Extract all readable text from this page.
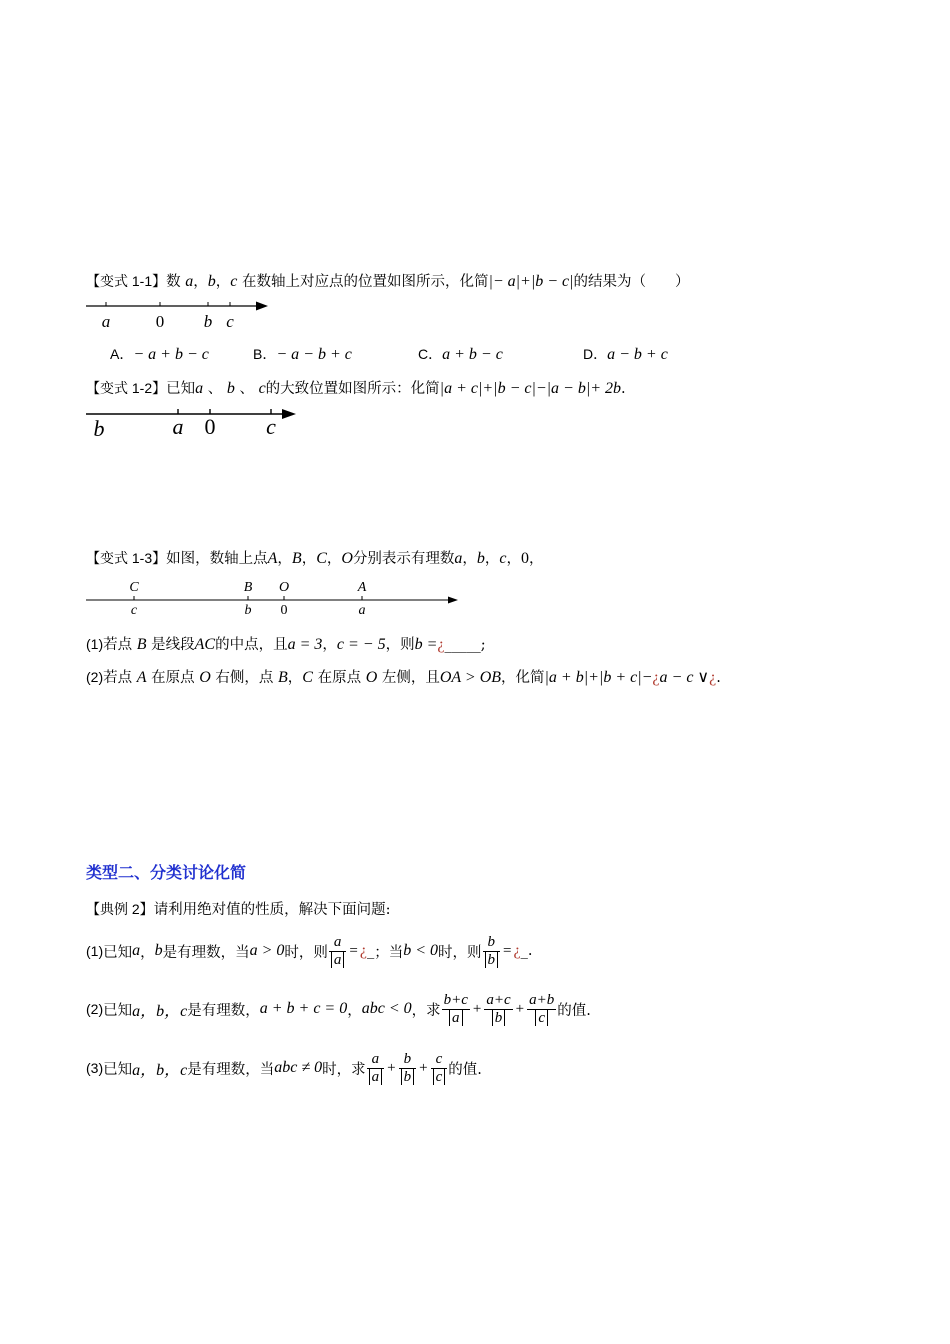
【变式 1-1】数 a，b，c 在数轴上对应点的位置如图所示，化简|− a|+|b − c|的结果为（　　）
a	0 b c
A．− a + b − c	B．− a − b + c	C．a + b − c	D．a − b + c
【变式 1-2】已知a 、 b 、 c的大致位置如图所示：化简|a + c|+|b − c|−|a − b|+ 2b.
b	a 0 c
【变式 1-3】如图，数轴上点A，B，C，O分别表示有理数a，b，c，0，
C	B O	A
c	b 0	a
(1)若点 B 是线段AC的中点，且a = 3，c = − 5，则b =¿_____;
(2)若点 A 在原点 O 右侧，点 B，C 在原点 O 左侧，且OA > OB，化简|a + b|+|b + c|−¿a − c ∨¿.
类型二、分类讨论化简
【典例 2】请利用绝对值的性质，解决下面问题:
(1) 已知 a ， b 是有理数，当 a > 0 时，则 $\frac{a}{a}$ = ¿ _ ；当 b < 0 时，则 $\frac{b}{b}$ = ¿ _ .
(2) 已知 a，b，c 是有理数， a + b + c = 0 ， abc < 0 ，求 $\frac{b+c}{a} + \frac{a+c}{b} + \frac{a+b}{c}$ 的值.
(3) 已知 a，b，c 是有理数，当 abc ≠ 0 时，求 $\frac{a}{a} + \frac{b}{b} + \frac{c}{c}$ 的值.
